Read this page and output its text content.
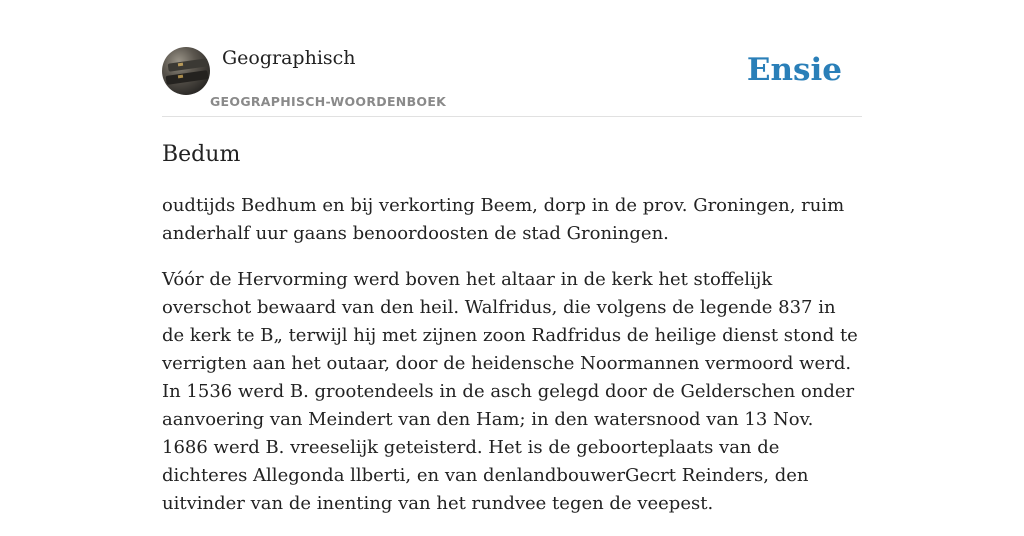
Geographisch
GEOGRAPHISCH-WOORDENBOEK
Ensie
Bedum

oudtijds Bedhum en bij verkorting Beem, dorp in de prov. Groningen, ruim anderhalf uur gaans benoordoosten de stad Groningen.

Vóór de Hervorming werd boven het altaar in de kerk het stoffelijk overschot bewaard van den heil. Walfridus, die volgens de legende 837 in de kerk te B„ terwijl hij met zijnen zoon Radfridus de heilige dienst stond te verrigten aan het outaar, door de heidensche Noormannen vermoord werd. In 1536 werd B. grootendeels in de asch gelegd door de Gelderschen onder aanvoering van Meindert van den Ham; in den watersnood van 13 Nov. 1686 werd B. vreeselijk geteisterd. Het is de geboorteplaats van de dichteres Allegonda llberti, en van denlandbouwerGecrt Reinders, den uitvinder van de inenting van het rundvee tegen de veepest.
